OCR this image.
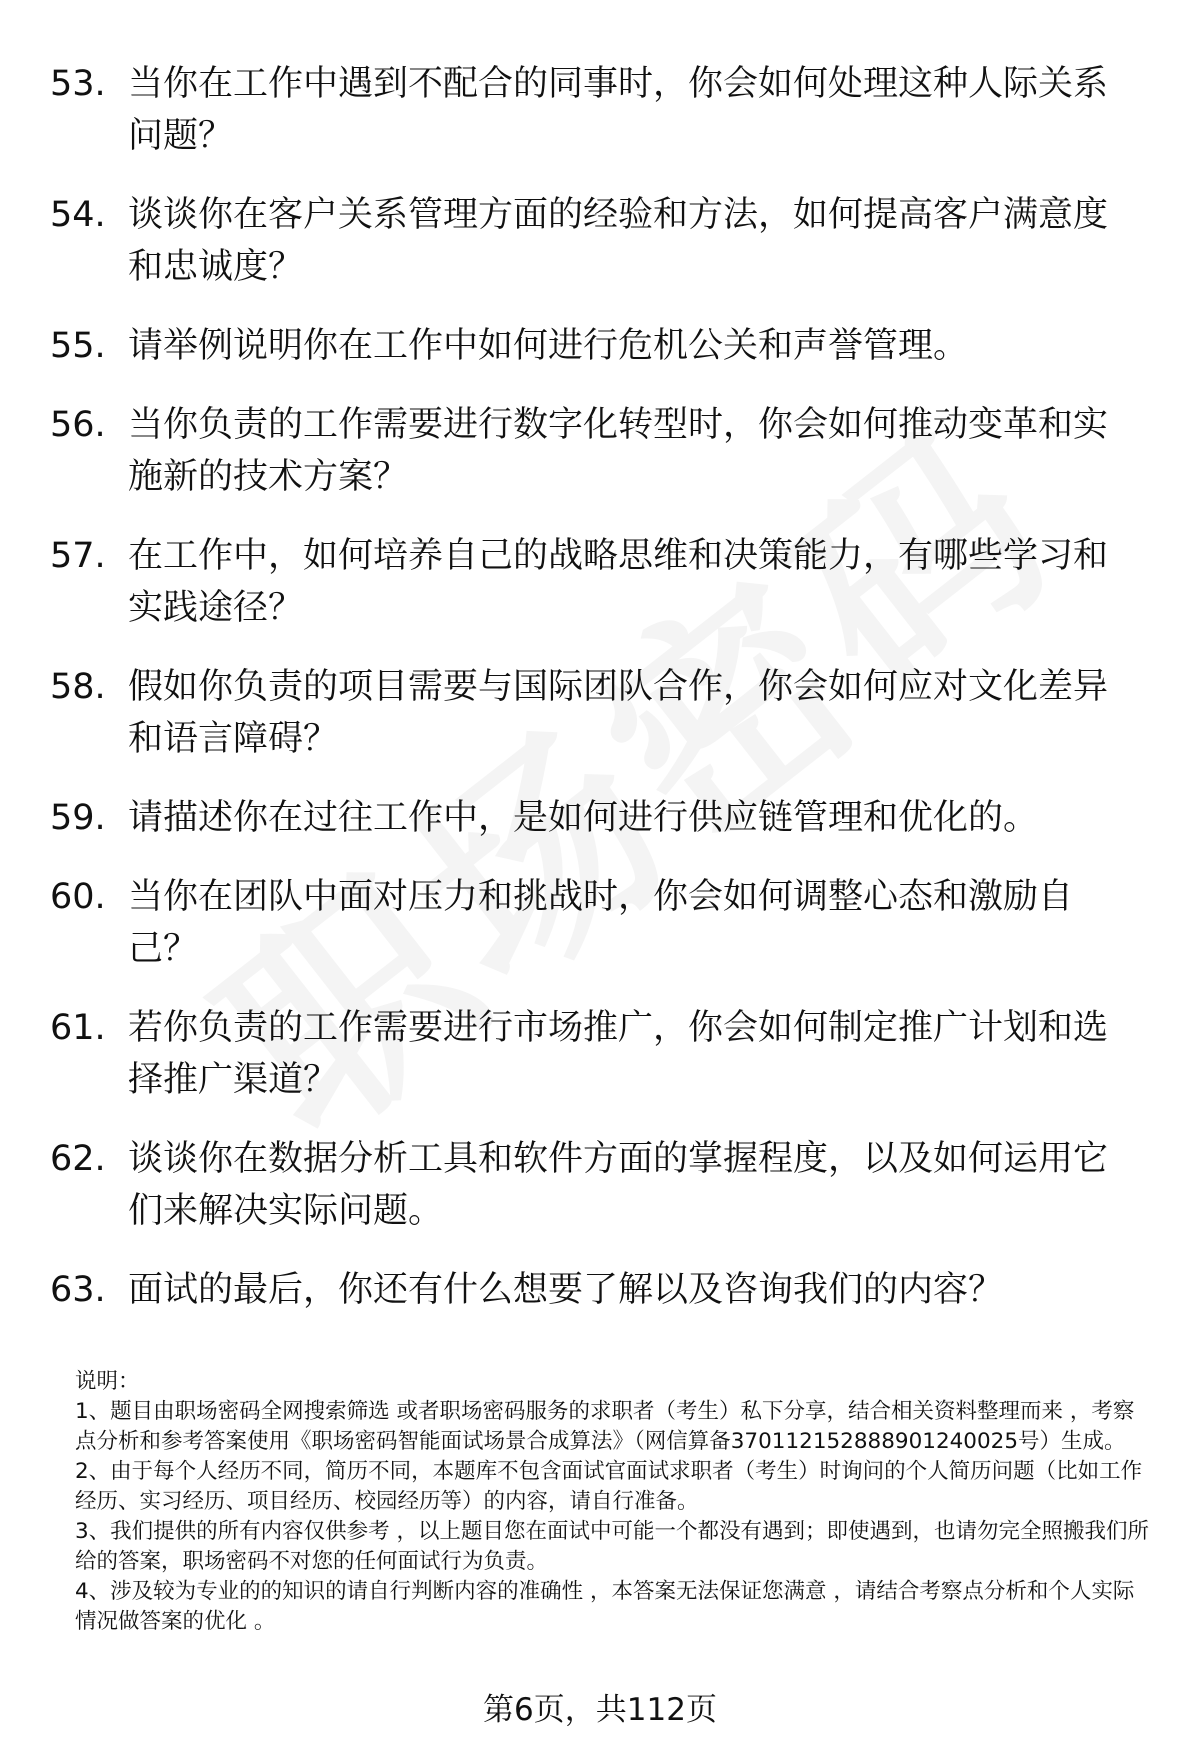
53. 当你在工作中遇到不配合的同事时，你会如何处理这种人际关系问题？
54. 谈谈你在客户关系管理方面的经验和方法，如何提高客户满意度和忠诚度？
55. 请举例说明你在工作中如何进行危机公关和声誉管理。
56. 当你负责的工作需要进行数字化转型时，你会如何推动变革和实施新的技术方案？
57. 在工作中，如何培养自己的战略思维和决策能力，有哪些学习和实践途径？
58. 假如你负责的项目需要与国际团队合作，你会如何应对文化差异和语言障碍？
59. 请描述你在过往工作中，是如何进行供应链管理和优化的。
60. 当你在团队中面对压力和挑战时，你会如何调整心态和激励自己？
61. 若你负责的工作需要进行市场推广，你会如何制定推广计划和选择推广渠道？
62. 谈谈你在数据分析工具和软件方面的掌握程度，以及如何运用它们来解决实际问题。
63. 面试的最后，你还有什么想要了解以及咨询我们的内容？

说明：

1、题目由职场密码全网搜索筛选 或者职场密码服务的求职者（考生）私下分享，结合相关资料整理而来 ，考察点分析和参考答案使用《职场密码智能面试场景合成算法》（网信算备370112152888901240025号）生成。

2、由于每个人经历不同，简历不同，本题库不包含面试官面试求职者（考生）时询问的个人简历问题（比如工作经历、实习经历、项目经历、校园经历等）的内容，请自行准备。

3、我们提供的所有内容仅供参考 ，以上题目您在面试中可能一个都没有遇到；即使遇到，也请勿完全照搬我们所给的答案，职场密码不对您的任何面试行为负责。

4、涉及较为专业的的知识的请自行判断内容的准确性 ，本答案无法保证您满意 ，请结合考察点分析和个人实际情况做答案的优化 。

第6页，共112页
